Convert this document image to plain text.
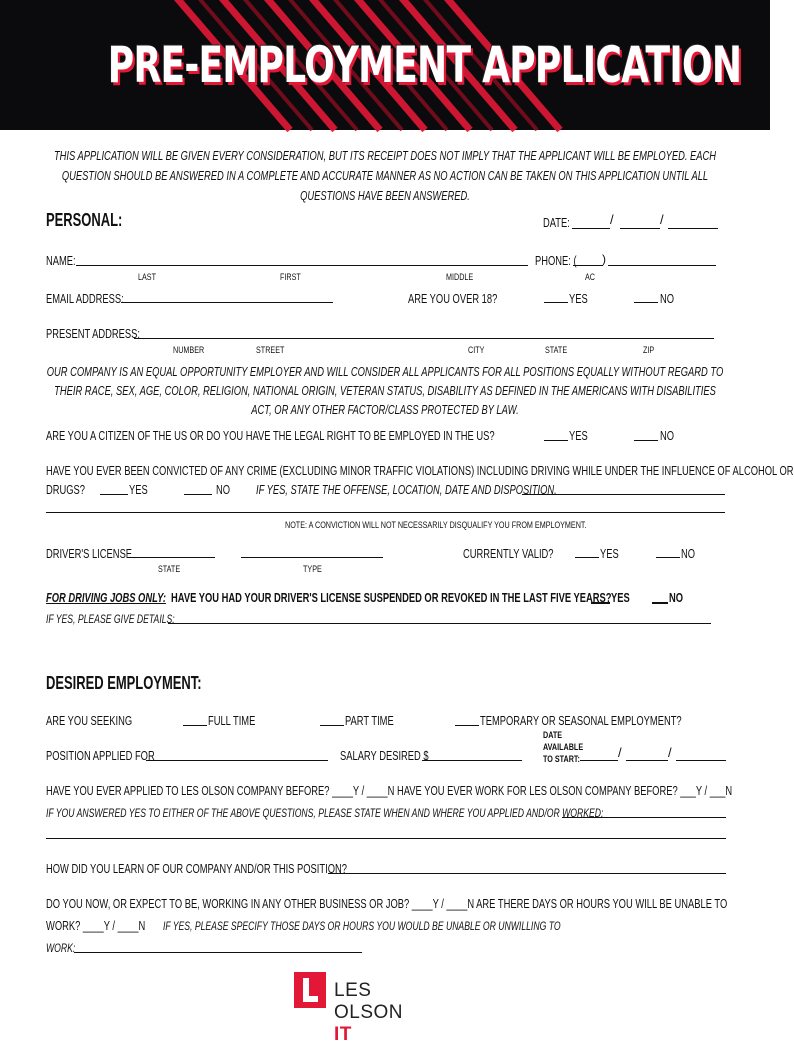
PRE-EMPLOYMENT APPLICATION
THIS APPLICATION WILL BE GIVEN EVERY CONSIDERATION, BUT ITS RECEIPT DOES NOT IMPLY THAT THE APPLICANT WILL BE EMPLOYED. EACH QUESTION SHOULD BE ANSWERED IN A COMPLETE AND ACCURATE MANNER AS NO ACTION CAN BE TAKEN ON THIS APPLICATION UNTIL ALL QUESTIONS HAVE BEEN ANSWERED.
PERSONAL:	DATE:	/	/
NAME:	PHONE: ( )
LAST	FIRST	MIDDLE	AC
EMAIL ADDRESS:	ARE YOU OVER 18?	YES	NO
PRESENT ADDRESS:
NUMBER	STREET	CITY	STATE	ZIP
OUR COMPANY IS AN EQUAL OPPORTUNITY EMPLOYER AND WILL CONSIDER ALL APPLICANTS FOR ALL POSITIONS EQUALLY WITHOUT REGARD TO THEIR RACE, SEX, AGE, COLOR, RELIGION, NATIONAL ORIGIN, VETERAN STATUS, DISABILITY AS DEFINED IN THE AMERICANS WITH DISABILITIES ACT, OR ANY OTHER FACTOR/CLASS PROTECTED BY LAW.
ARE YOU A CITIZEN OF THE US OR DO YOU HAVE THE LEGAL RIGHT TO BE EMPLOYED IN THE US?	YES	NO
HAVE YOU EVER BEEN CONVICTED OF ANY CRIME (EXCLUDING MINOR TRAFFIC VIOLATIONS) INCLUDING DRIVING WHILE UNDER THE INFLUENCE OF ALCOHOL OR
DRUGS?	YES	NO IF YES, STATE THE OFFENSE, LOCATION, DATE AND DISPOSITION.
NOTE: A CONVICTION WILL NOT NECESSARILY DISQUALIFY YOU FROM EMPLOYMENT.
DRIVER'S LICENSE
STATE	TYPE
CURRENTLY VALID?	YES	NO
FOR DRIVING JOBS ONLY: HAVE YOU HAD YOUR DRIVER'S LICENSE SUSPENDED OR REVOKED IN THE LAST FIVE YEARS? YES	NO
IF YES, PLEASE GIVE DETAILS:
DESIRED EMPLOYMENT:
ARE YOU SEEKING	FULL TIME	PART TIME	TEMPORARY OR SEASONAL EMPLOYMENT?
DATE
AVAILABLE
TO START:
POSITION APPLIED FOR	SALARY DESIRED $	/	/
HAVE YOU EVER APPLIED TO LES OLSON COMPANY BEFORE? ____Y / ____N HAVE YOU EVER WORK FOR LES OLSON COMPANY BEFORE? ___Y / ___N
IF YOU ANSWERED YES TO EITHER OF THE ABOVE QUESTIONS, PLEASE STATE WHEN AND WHERE YOU APPLIED AND/OR WORKED:
HOW DID YOU LEARN OF OUR COMPANY AND/OR THIS POSITION?
DO YOU NOW, OR EXPECT TO BE, WORKING IN ANY OTHER BUSINESS OR JOB? ____Y / ____N ARE THERE DAYS OR HOURS YOU WILL BE UNABLE TO
WORK? ____Y / ____N IF YES, PLEASE SPECIFY THOSE DAYS OR HOURS YOU WOULD BE UNABLE OR UNWILLING TO
WORK:
LES OLSON IT
